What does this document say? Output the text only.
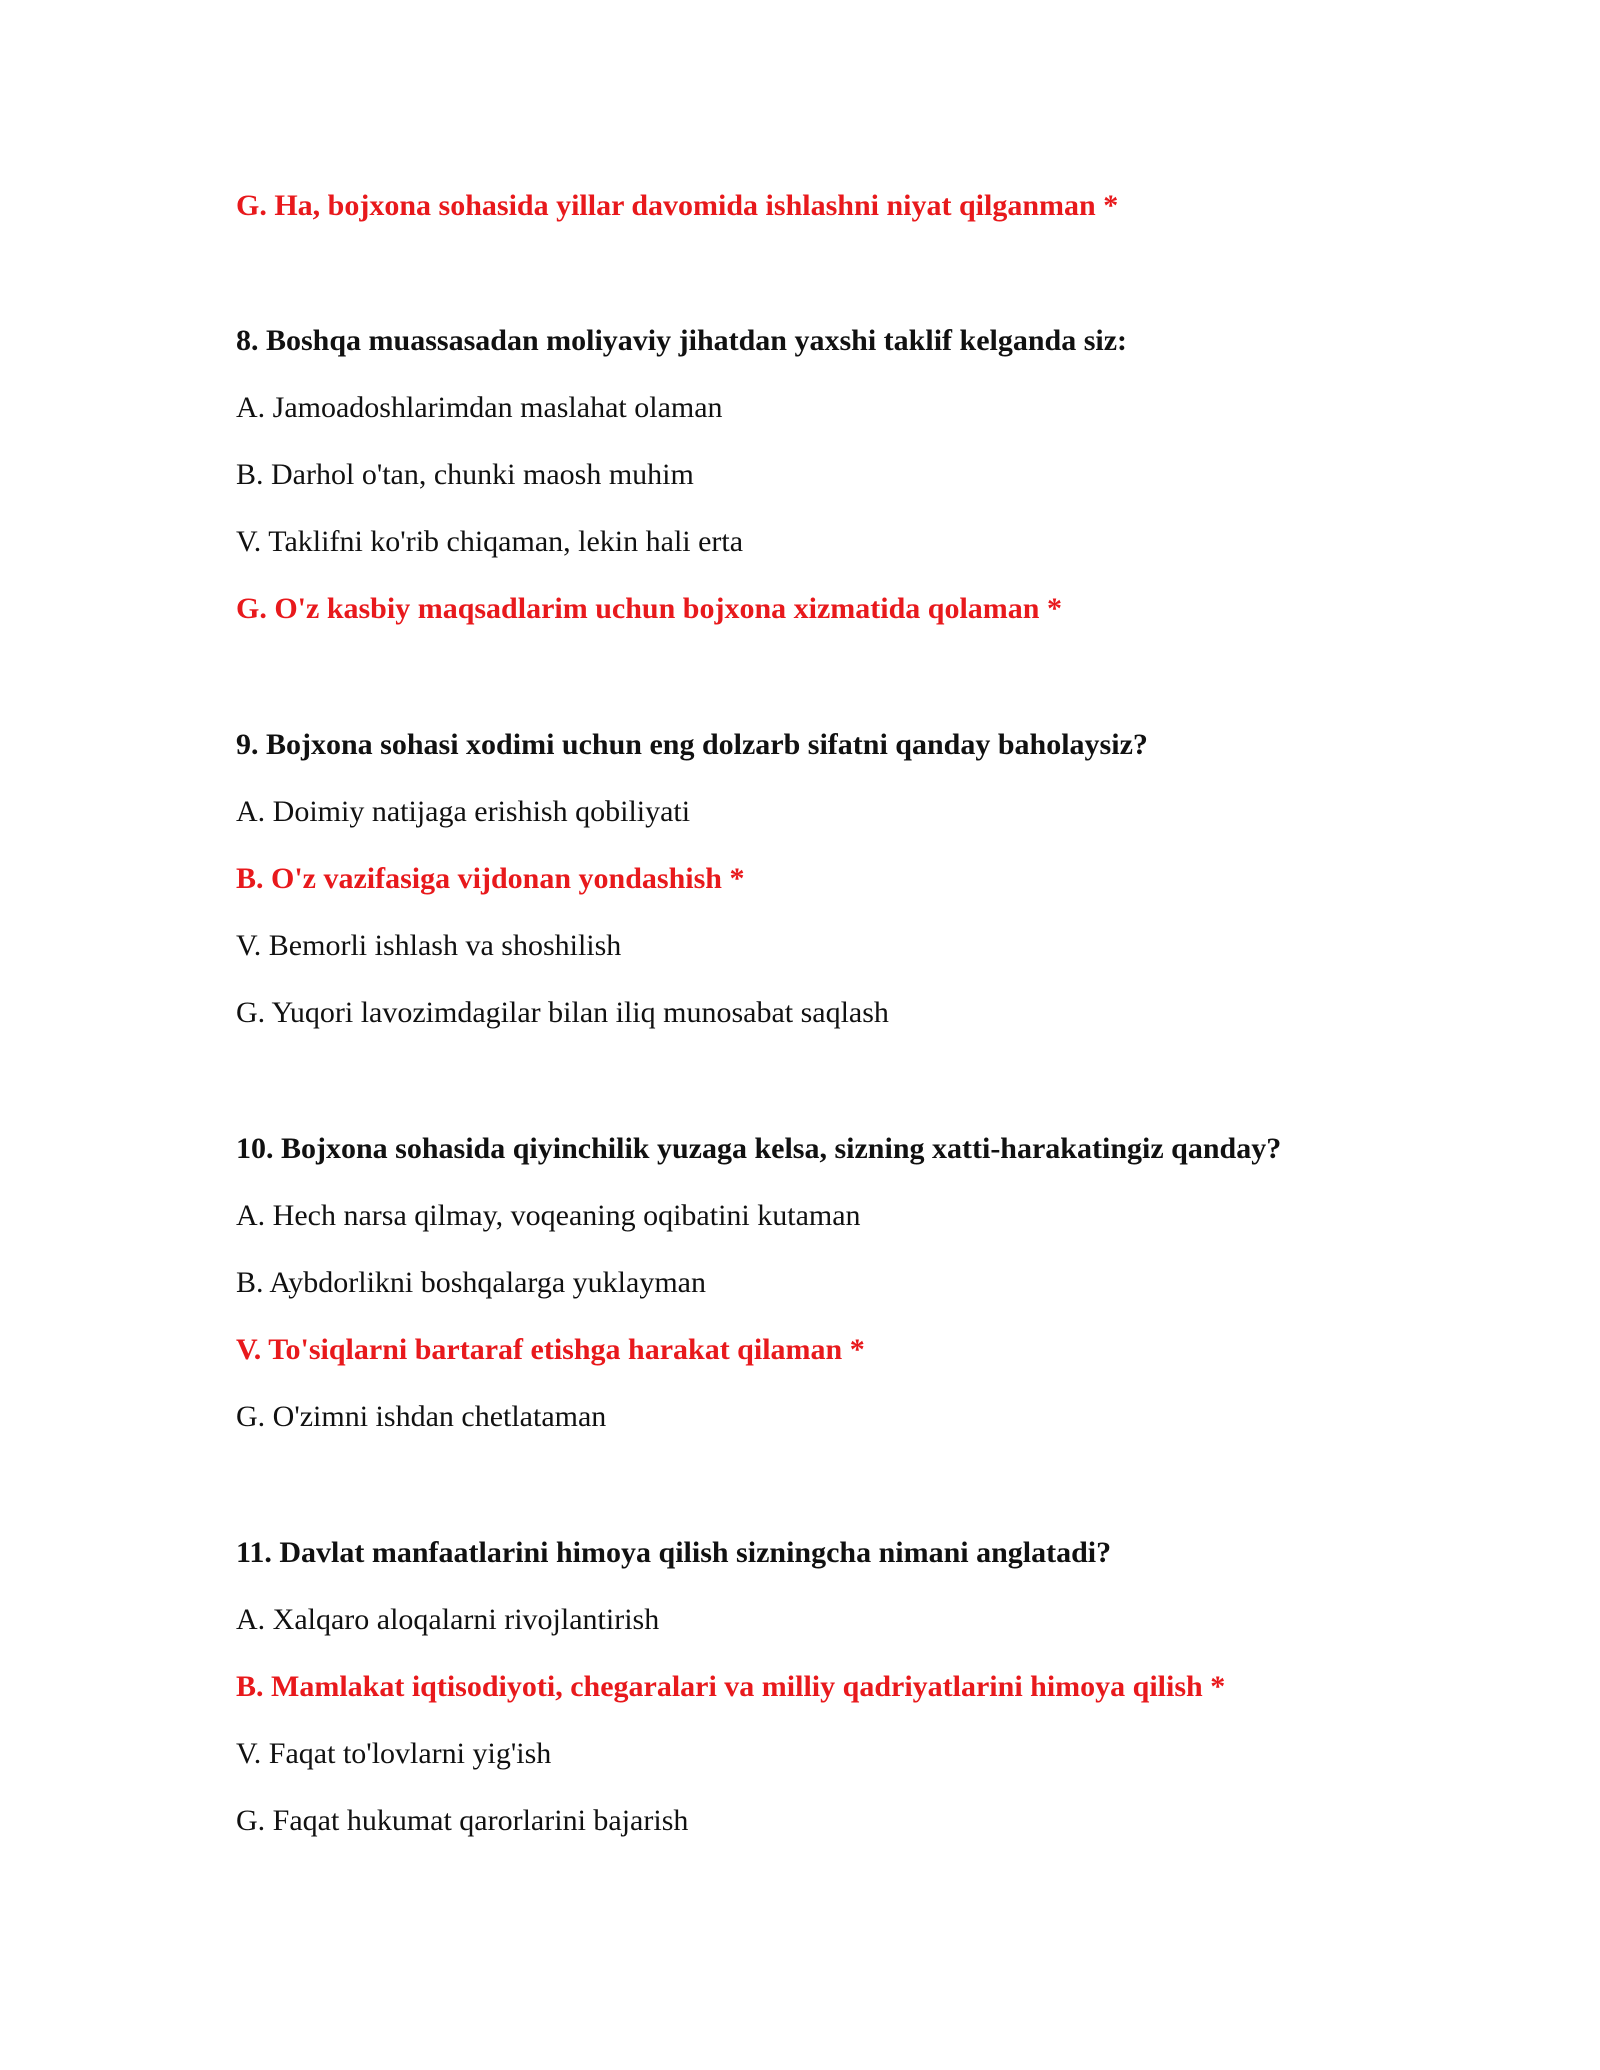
G. Ha, bojxona sohasida yillar davomida ishlashni niyat qilganman *
8. Boshqa muassasadan moliyaviy jihatdan yaxshi taklif kelganda siz:
A. Jamoadoshlarimdan maslahat olaman
B. Darhol o'tan, chunki maosh muhim
V. Taklifni ko'rib chiqaman, lekin hali erta
G. O'z kasbiy maqsadlarim uchun bojxona xizmatida qolaman *
9. Bojxona sohasi xodimi uchun eng dolzarb sifatni qanday baholaysiz?
A. Doimiy natijaga erishish qobiliyati
B. O'z vazifasiga vijdonan yondashish *
V. Bemorli ishlash va shoshilish
G. Yuqori lavozimdagilar bilan iliq munosabat saqlash
10. Bojxona sohasida qiyinchilik yuzaga kelsa, sizning xatti-harakatingiz qanday?
A. Hech narsa qilmay, voqeaning oqibatini kutaman
B. Aybdorlikni boshqalarga yuklayman
V. To'siqlarni bartaraf etishga harakat qilaman *
G. O'zimni ishdan chetlataman
11. Davlat manfaatlarini himoya qilish sizningcha nimani anglatadi?
A. Xalqaro aloqalarni rivojlantirish
B. Mamlakat iqtisodiyoti, chegaralari va milliy qadriyatlarini himoya qilish *
V. Faqat to'lovlarni yig'ish
G. Faqat hukumat qarorlarini bajarish
